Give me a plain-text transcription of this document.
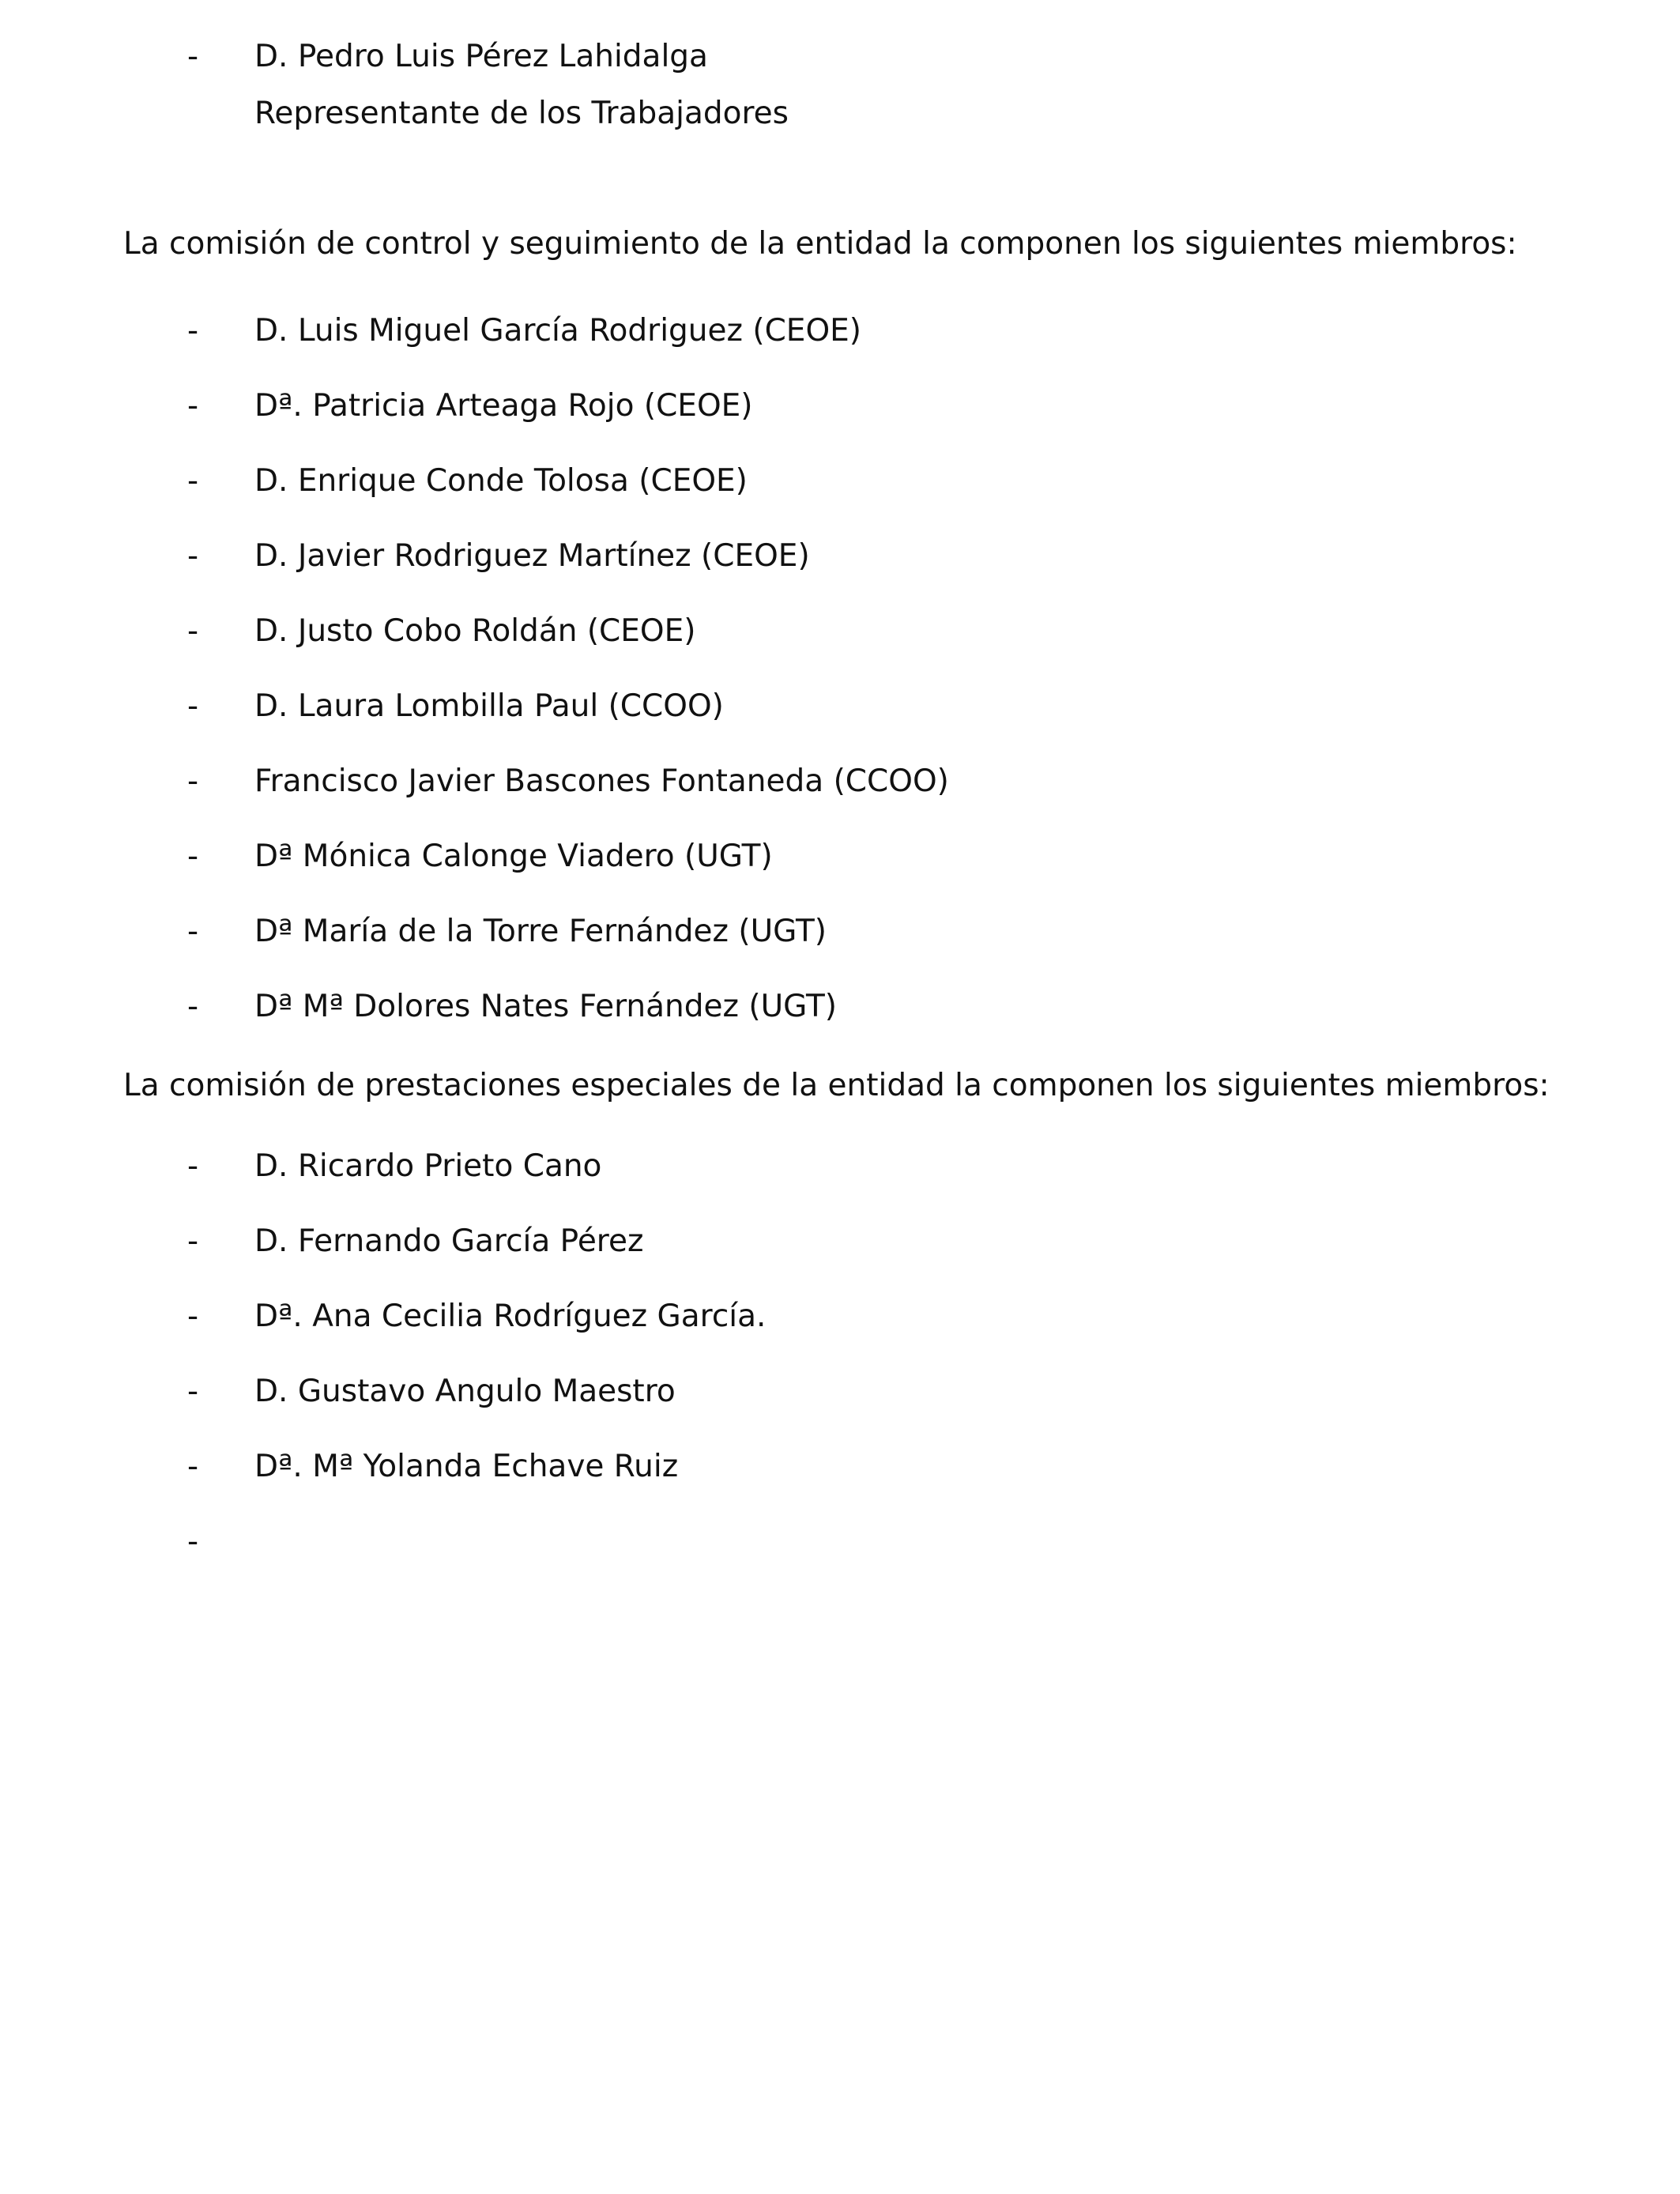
- D. Pedro Luis Pérez Lahidalga
Representante de los Trabajadores
La comisión de control y seguimiento de la entidad la componen los siguientes miembros:
- D. Luis Miguel García Rodriguez (CEOE)
- Dª. Patricia Arteaga Rojo (CEOE)
- D. Enrique Conde Tolosa (CEOE)
- D. Javier Rodriguez Martínez (CEOE)
- D. Justo Cobo Roldán (CEOE)
- D. Laura Lombilla Paul (CCOO)
- Francisco Javier Bascones Fontaneda (CCOO)
- Dª Mónica Calonge Viadero (UGT)
- Dª María de la Torre Fernández (UGT)
- Dª Mª Dolores Nates Fernández (UGT)
La comisión de prestaciones especiales de la entidad la componen los siguientes miembros:
- D. Ricardo Prieto Cano
- D. Fernando García Pérez
- Dª. Ana Cecilia Rodríguez García.
- D. Gustavo Angulo Maestro
- Dª. Mª Yolanda Echave Ruiz
-
